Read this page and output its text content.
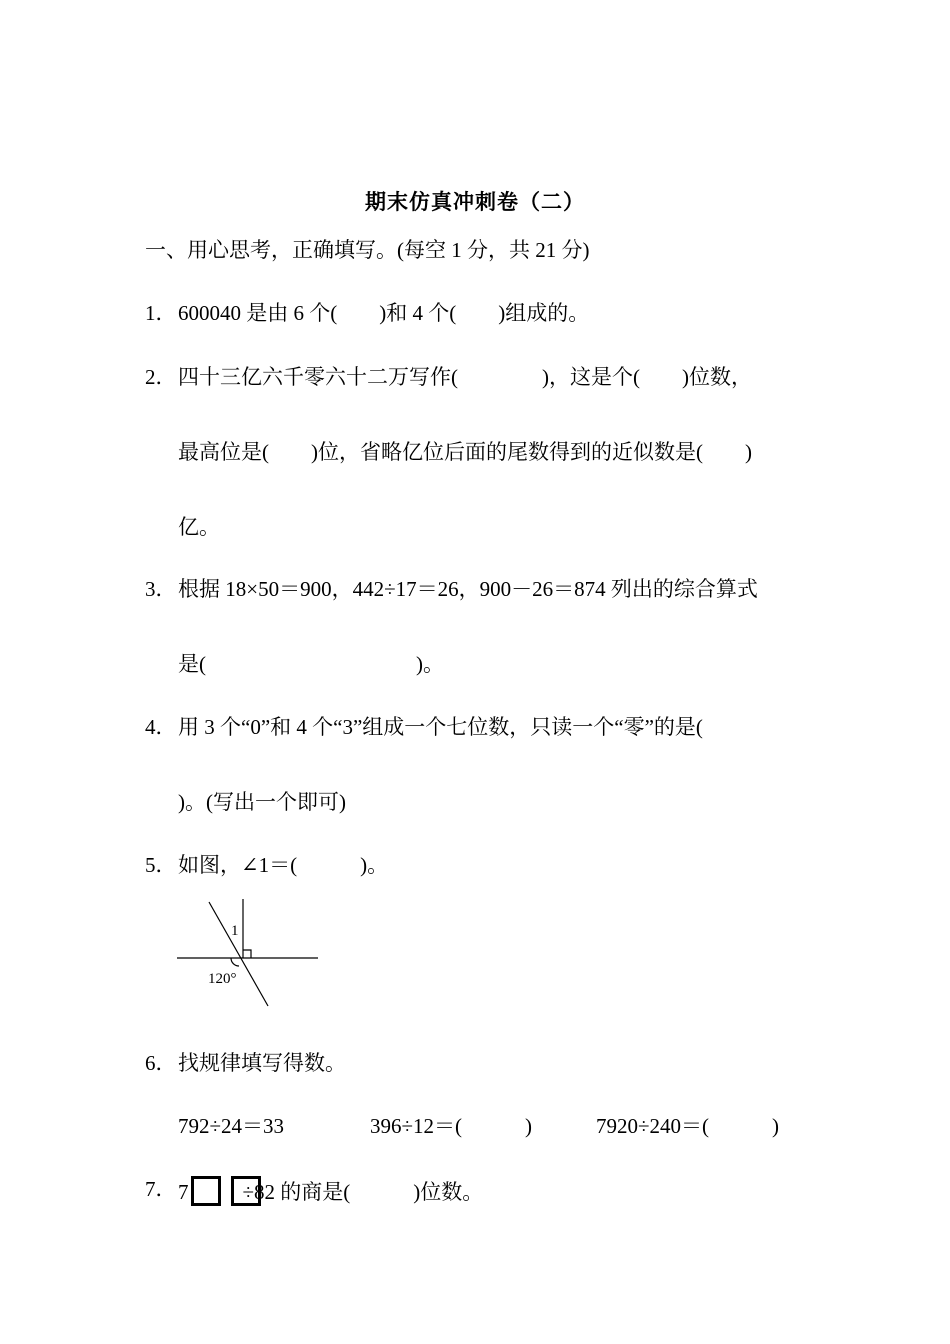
期末仿真冲刺卷（二）

一、用心思考，正确填写。(每空 1 分，共 21 分)

1． 600040 是由 6 个(　　)和 4 个(　　)组成的。

2． 四十三亿六千零六十二万写作(　　　　)，这是个(　　)位数，

最高位是(　　)位，省略亿位后面的尾数得到的近似数是(　　)

亿。

3． 根据 18×50＝900，442÷17＝26，900－26＝874 列出的综合算式

是(　　　　　　　　　　)。

4． 用 3 个“0”和 4 个“3”组成一个七位数，只读一个“零”的是(

)。(写出一个即可)

5． 如图，∠1＝(　　　)。

1
120°

6． 找规律填写得数。

792÷24＝33	396÷12＝(　　　)	7920÷240＝(　　　)

7． 7	÷82 的商是(　　　)位数。
